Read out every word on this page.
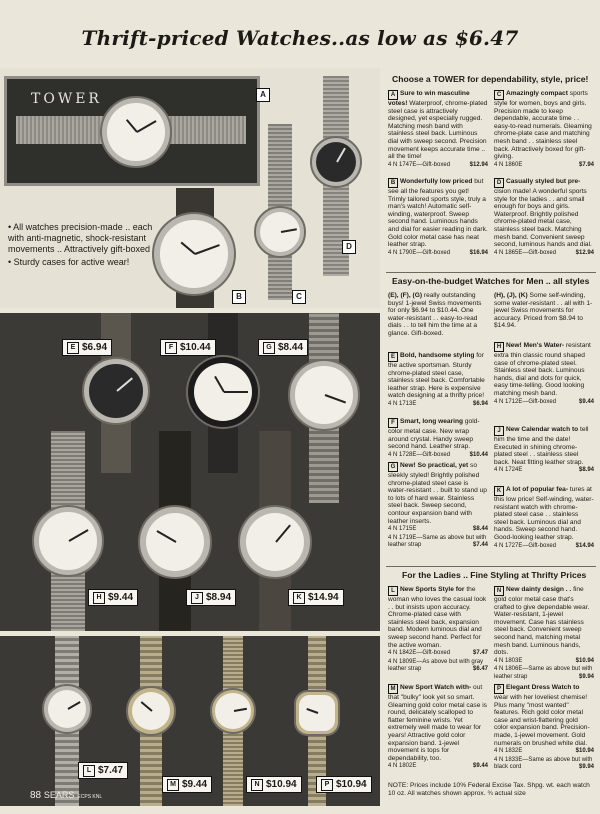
Thrift-priced Watches..as low as $6.47
TOWER	A
B	C
D
• All watches precision-made .. each with anti-magnetic, shock-resistant movements .. Attractively gift-boxed
• Sturdy cases for active wear!
E $6.94	F $10.44	G $8.44
H $9.44	J $8.94	K $14.94
L $7.47
M $9.44	N $10.94	P $10.94
88 SEARS ECPS KNL
Choose a TOWER for dependability, style, price!
A Sure to win masculine votes! Waterproof, chrome-plated steel case is attractively designed, yet especially rugged. Matching mesh band with stainless steel back. Luminous dial with sweep second. Precision movement keeps accurate time .. all the time!
4 N 1747E—Gift-boxed	$12.94
B Wonderfully low priced but see all the features you get! Trimly tailored sports style, truly a man's watch! Automatic self-winding, waterproof. Sweep second hand. Luminous hands and dial for easier reading in dark. Gold color metal case has neat leather strap.
4 N 1790E—Gift-boxed	$16.94
C Amazingly compact sports style for women, boys and girls. Precision made to keep dependable, accurate time . . easy-to-read numerals. Gleaming chrome-plate case and matching mesh band . . stainless steel back. Attractively boxed for gift-giving.
4 N 1860E	$7.94
D Casually styled but pre- cision made! A wonderful sports style for the ladies . . and small enough for boys and girls. Waterproof. Brightly polished chrome-plated metal case, stainless steel back. Matching mesh band. Convenient sweep second, luminous hands and dial.
4 N 1865E—Gift-boxed	$12.94
Easy-on-the-budget Watches for Men .. all styles
(E), (F), (G) really outstanding buys! 1-jewel Swiss movements for only $6.94 to $10.44. One water-resistant . . easy-to-read dials . . to tell him the time at a glance. Gift-boxed.
(H), (J), (K) Some self-winding, some water-resistant . . all with 1-jewel Swiss movements for accuracy. Priced from $8.94 to $14.94.
E Bold, handsome styling for the active sportsman. Sturdy chrome-plated steel case, stainless steel back. Comfortable leather strap. Here is expensive watch designing at a thrifty price!
4 N 1713E	$6.94
F Smart, long wearing gold-color metal case. New wrap around crystal. Handy sweep second hand. Leather strap.
4 N 1728E—Gift-boxed	$10.44
G New! So practical, yet so sleekly styled! Brightly polished chrome-plated steel case is water-resistant . . built to stand up to lots of hard wear. Stainless steel back. Sweep second, contour expansion band with leather inserts.
4 N 1715E	$8.44
4 N 1719E—Same as above but with leather strap	$7.44
H New! Men's Water- resistant extra thin classic round shaped case of chrome-plated steel. Stainless steel back. Luminous hands, dial and dots for quick, easy time-telling. Good looking matching mesh band.
4 N 1712E—Gift-boxed	$9.44
J New Calendar watch to tell him the time and the date! Executed in shining chrome-plated steel . . stainless steel back. Neat fitting leather strap.
4 N 1724E	$8.94
K A lot of popular fea- tures at this low price! Self-winding, water-resistant watch with chrome-plated steel case . . stainless steel back. Luminous dial and hands. Sweep second hand. Good-looking leather strap.
4 N 1727E—Gift-boxed	$14.94
For the Ladies .. Fine Styling at Thrifty Prices
L New Sports Style for the woman who loves the casual look . . but insists upon accuracy. Chrome-plated case with stainless steel back, expansion band. Modern luminous dial and sweep second hand. Perfect for the active woman.
4 N 1842E—Gift-boxed	$7.47
4 N 1809E—As above but with gray leather strap	$6.47
M New Sport Watch with- out that "bulky" look yet so smart. Gleaming gold color metal case is round, delicately scalloped to flatter feminine wrists. Yet extremely well made to wear for years! Attractive gold color expansion band. 1-jewel movement is tops for dependability, too.
4 N 1802E	$9.44
N New dainty design . . fine gold color metal case that's crafted to give dependable wear. Water-resistant, 1-jewel movement. Case has stainless steel back. Convenient sweep second hand, matching metal mesh band. Luminous hands, dots.
4 N 1803E	$10.94
4 N 1806E—Same as above but with leather strap	$9.94
P Elegant Dress Watch to wear with her loveliest chemise! Plus many "most wanted" features. Rich gold color metal case and wrist-flattering gold color expansion band. Precision-made, 1-jewel movement. Gold numerals on brushed white dial.
4 N 1832E	$10.94
4 N 1833E—Same as above but with black cord	$9.94
NOTE: Prices include 10% Federal Excise Tax. Shpg. wt. each watch 10 oz. All watches shown approx. ¾ actual size
